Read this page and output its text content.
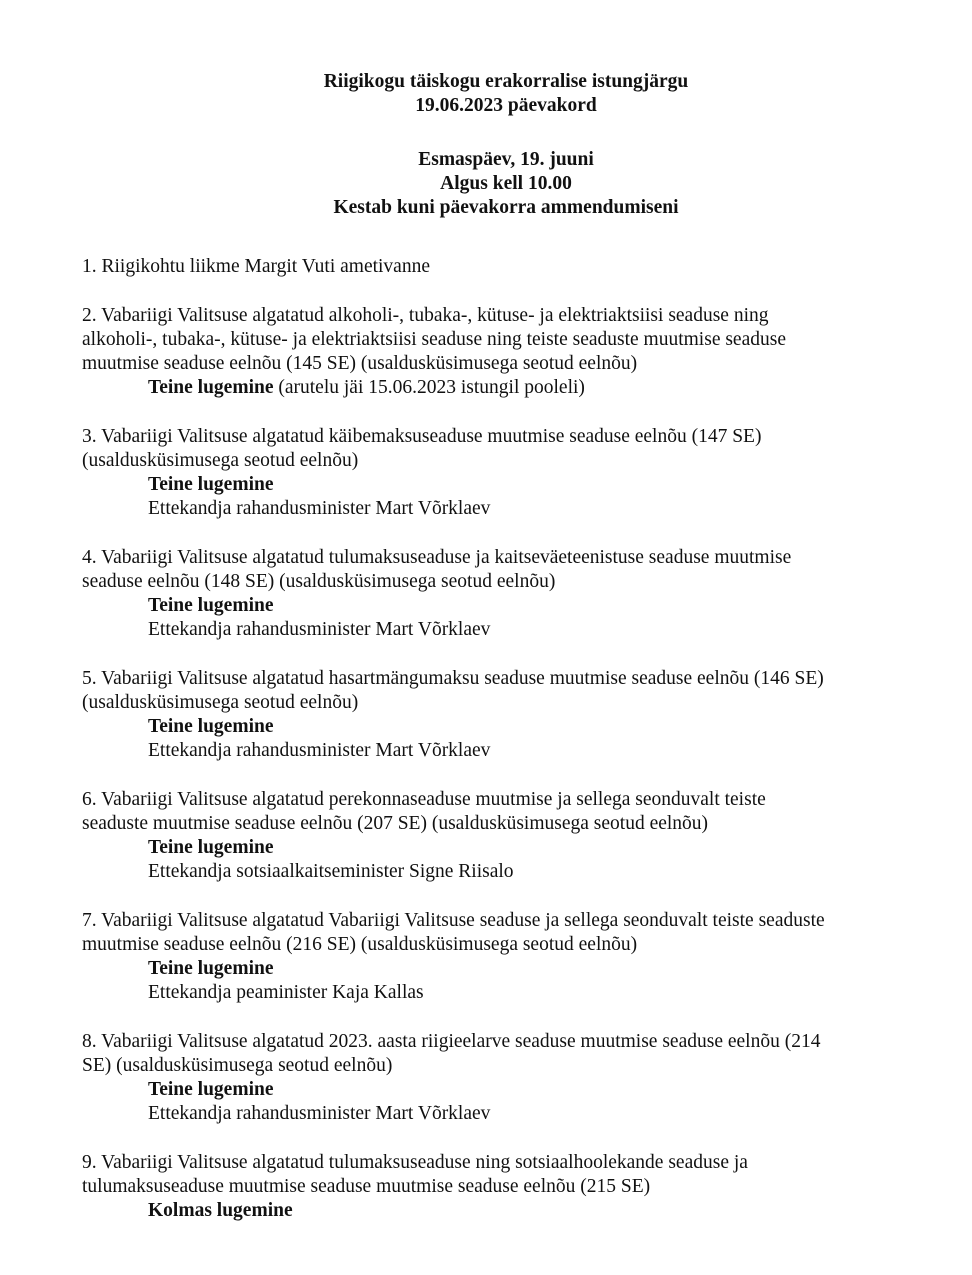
Riigikogu täiskogu erakorralise istungjärgu
19.06.2023 päevakord
Esmaspäev, 19. juuni
Algus kell 10.00
Kestab kuni päevakorra ammendumiseni
1. Riigikohtu liikme Margit Vuti ametivanne
2. Vabariigi Valitsuse algatatud alkoholi-, tubaka-, kütuse- ja elektriaktsiisi seaduse ning
alkoholi-, tubaka-, kütuse- ja elektriaktsiisi seaduse ning teiste seaduste muutmise seaduse
muutmise seaduse eelnõu (145 SE) (usaldusküsimusega seotud eelnõu)
Teine lugemine (arutelu jäi 15.06.2023 istungil pooleli)
3. Vabariigi Valitsuse algatatud käibemaksuseaduse muutmise seaduse eelnõu (147 SE)
(usaldusküsimusega seotud eelnõu)
Teine lugemine
Ettekandja rahandusminister Mart Võrklaev
4. Vabariigi Valitsuse algatatud tulumaksuseaduse ja kaitseväeteenistuse seaduse muutmise
seaduse eelnõu (148 SE) (usaldusküsimusega seotud eelnõu)
Teine lugemine
Ettekandja rahandusminister Mart Võrklaev
5. Vabariigi Valitsuse algatatud hasartmängumaksu seaduse muutmise seaduse eelnõu (146 SE)
(usaldusküsimusega seotud eelnõu)
Teine lugemine
Ettekandja rahandusminister Mart Võrklaev
6. Vabariigi Valitsuse algatatud perekonnaseaduse muutmise ja sellega seonduvalt teiste
seaduste muutmise seaduse eelnõu (207 SE) (usaldusküsimusega seotud eelnõu)
Teine lugemine
Ettekandja sotsiaalkaitseminister Signe Riisalo
7. Vabariigi Valitsuse algatatud Vabariigi Valitsuse seaduse ja sellega seonduvalt teiste seaduste
muutmise seaduse eelnõu (216 SE) (usaldusküsimusega seotud eelnõu)
Teine lugemine
Ettekandja peaminister Kaja Kallas
8. Vabariigi Valitsuse algatatud 2023. aasta riigieelarve seaduse muutmise seaduse eelnõu (214
SE) (usaldusküsimusega seotud eelnõu)
Teine lugemine
Ettekandja rahandusminister Mart Võrklaev
9. Vabariigi Valitsuse algatatud tulumaksuseaduse ning sotsiaalhoolekande seaduse ja
tulumaksuseaduse muutmise seaduse muutmise seaduse eelnõu (215 SE)
Kolmas lugemine
